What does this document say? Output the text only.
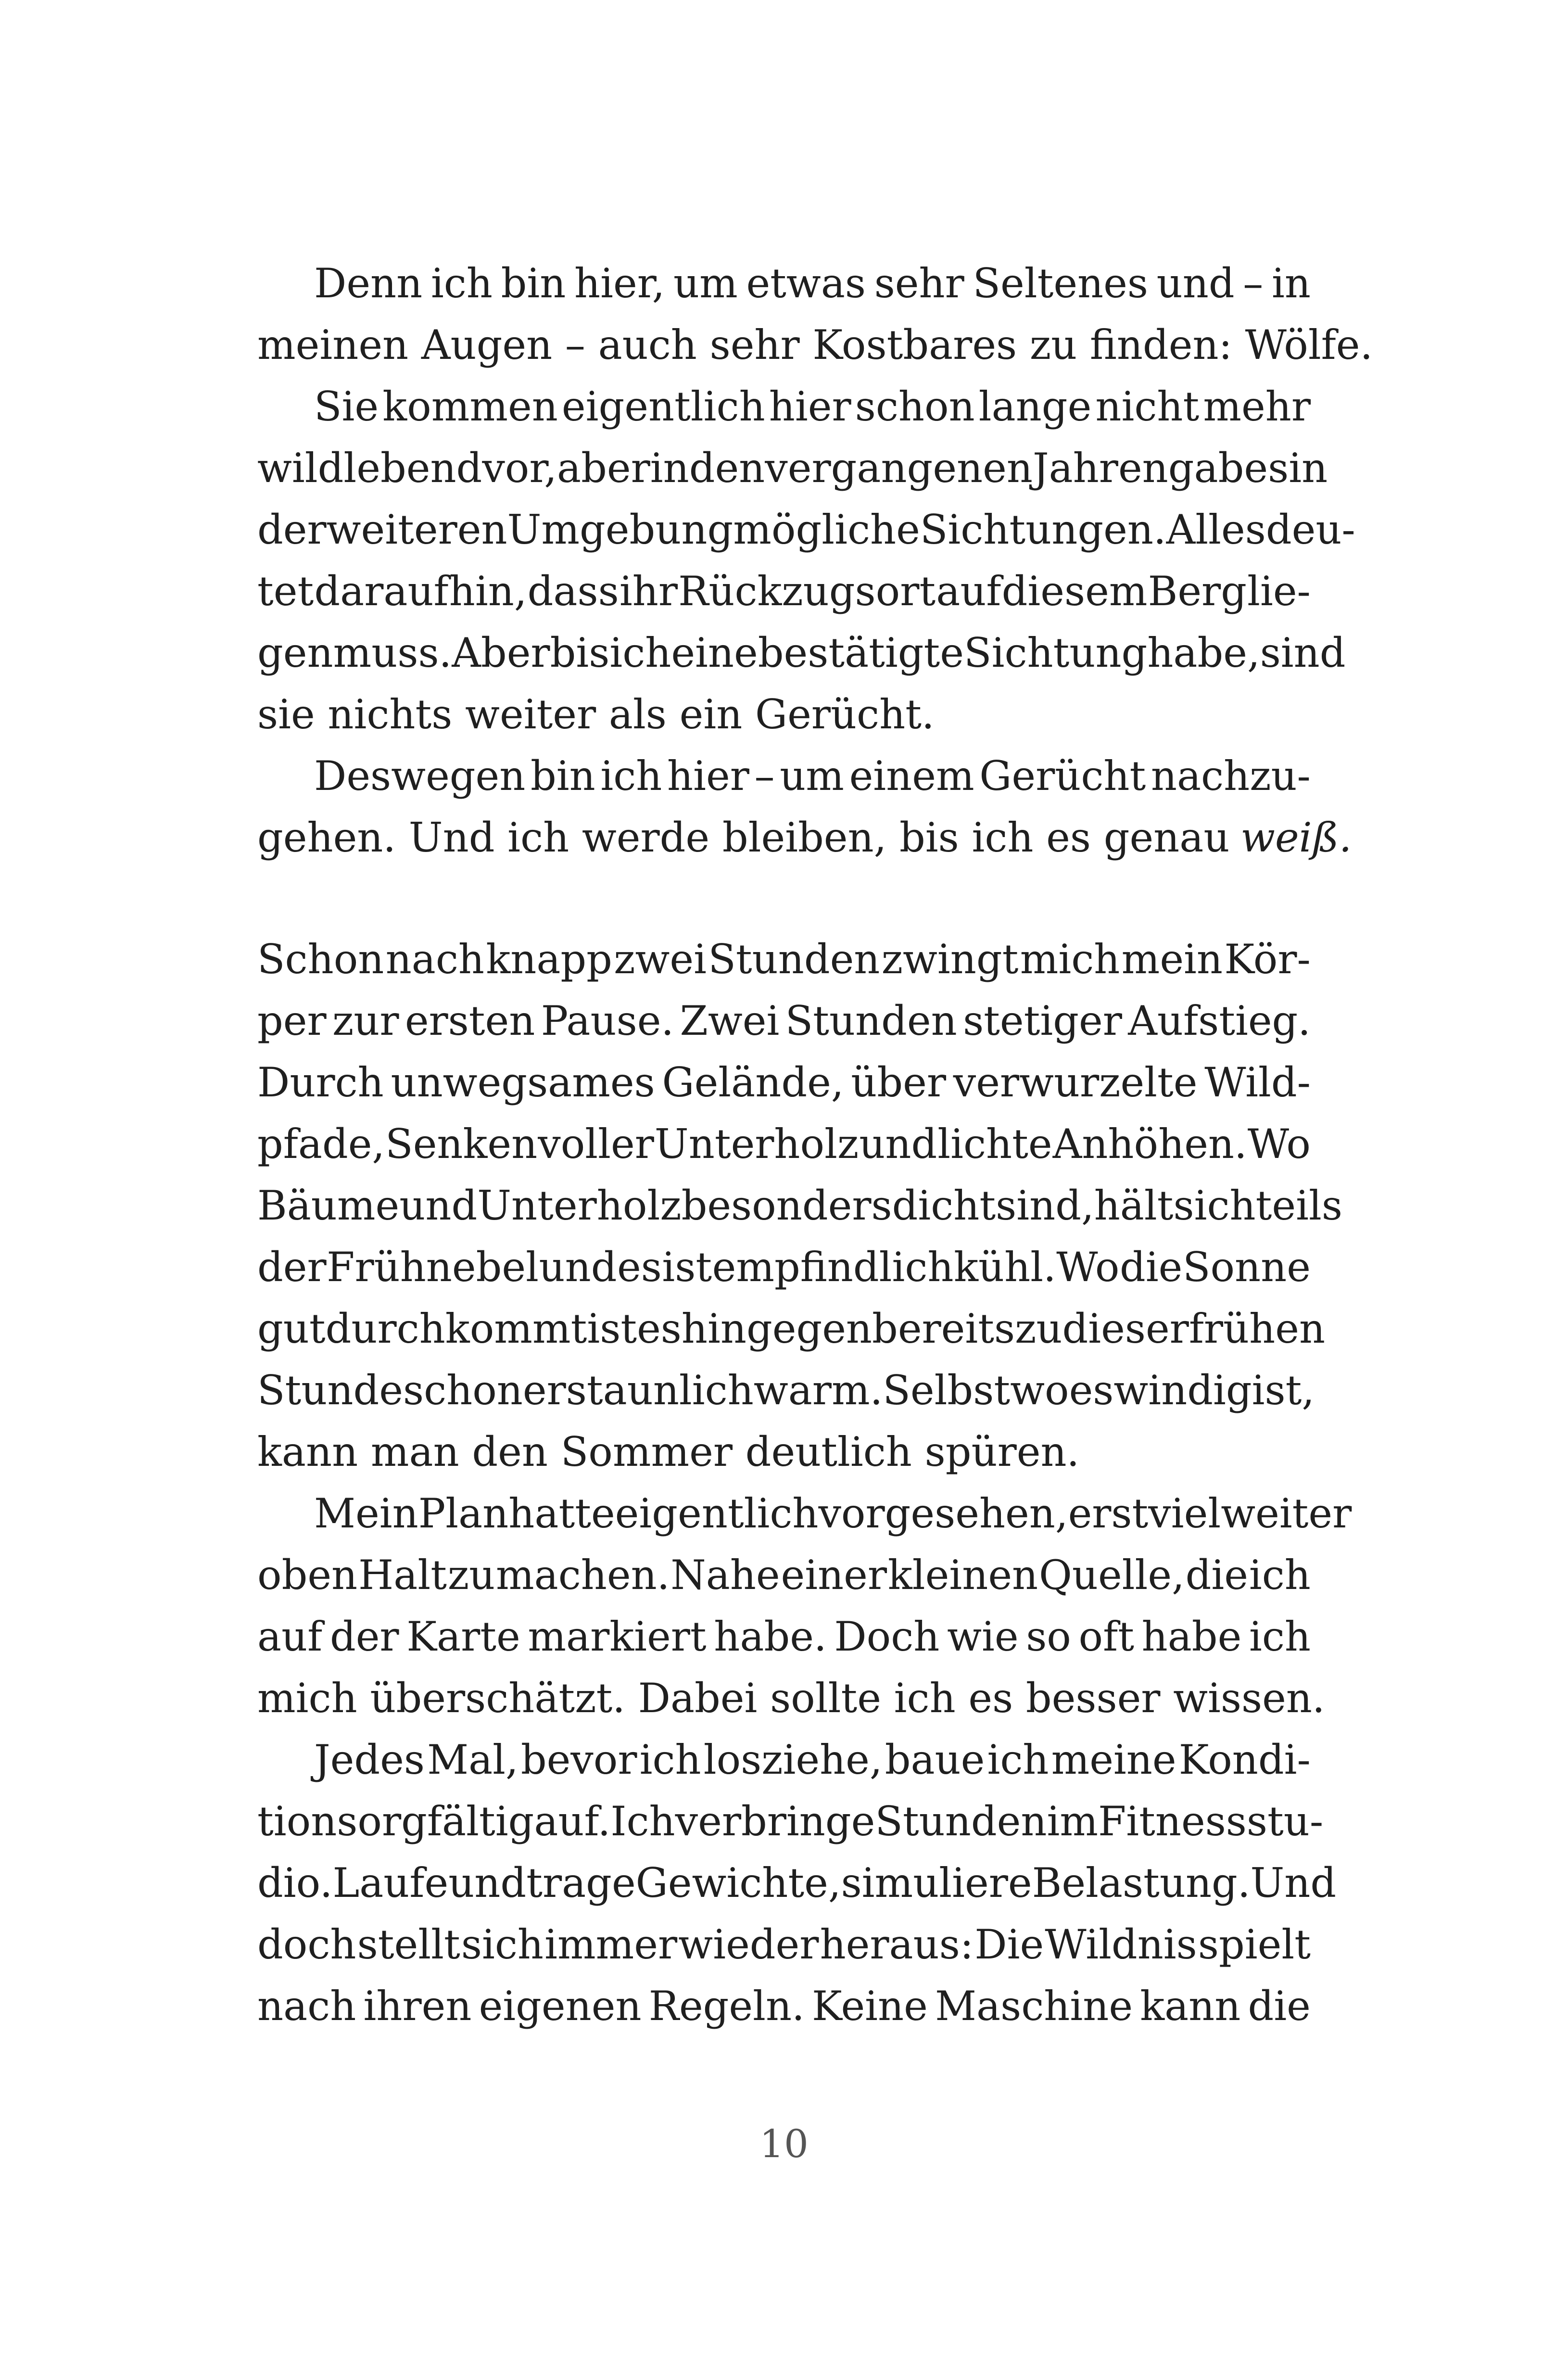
Denn ich bin hier, um etwas sehr Seltenes und – in
meinen Augen – auch sehr Kostbares zu finden: Wölfe.
Sie kommen eigentlich hier schon lange nicht mehr
wildlebend vor, aber in den vergangenen Jahren gab es in
der weiteren Umgebung mögliche Sichtungen. Alles deu-
tet darauf hin, dass ihr Rückzugsort auf diesem Berg lie-
gen muss. Aber bis ich eine bestätigte Sichtung habe, sind
sie nichts weiter als ein Gerücht.
Deswegen bin ich hier – um einem Gerücht nachzu-
gehen. Und ich werde bleiben, bis ich es genau weiß.
Schon nach knapp zwei Stunden zwingt mich mein Kör-
per zur ersten Pause. Zwei Stunden stetiger Aufstieg.
Durch unwegsames Gelände, über verwurzelte Wild-
pfade, Senken voller Unterholz und lichte Anhöhen. Wo
Bäume und Unterholz besonders dicht sind, hält sich teils
der Frühnebel und es ist empfindlich kühl. Wo die Sonne
gut durchkommt ist es hingegen bereits zu dieser frühen
Stunde schon erstaunlich warm. Selbst wo es windig ist,
kann man den Sommer deutlich spüren.
Mein Plan hatte eigentlich vorgesehen, erst viel weiter
oben Halt zu machen. Nahe einer kleinen Quelle, die ich
auf der Karte markiert habe. Doch wie so oft habe ich
mich überschätzt. Dabei sollte ich es besser wissen.
Jedes Mal, bevor ich losziehe, baue ich meine Kondi-
tion sorgfältig auf. Ich verbringe Stunden im Fitnessstu-
dio. Laufe und trage Gewichte, simuliere Belastung. Und
doch stellt sich immer wieder heraus: Die Wildnis spielt
nach ihren eigenen Regeln. Keine Maschine kann die
10
